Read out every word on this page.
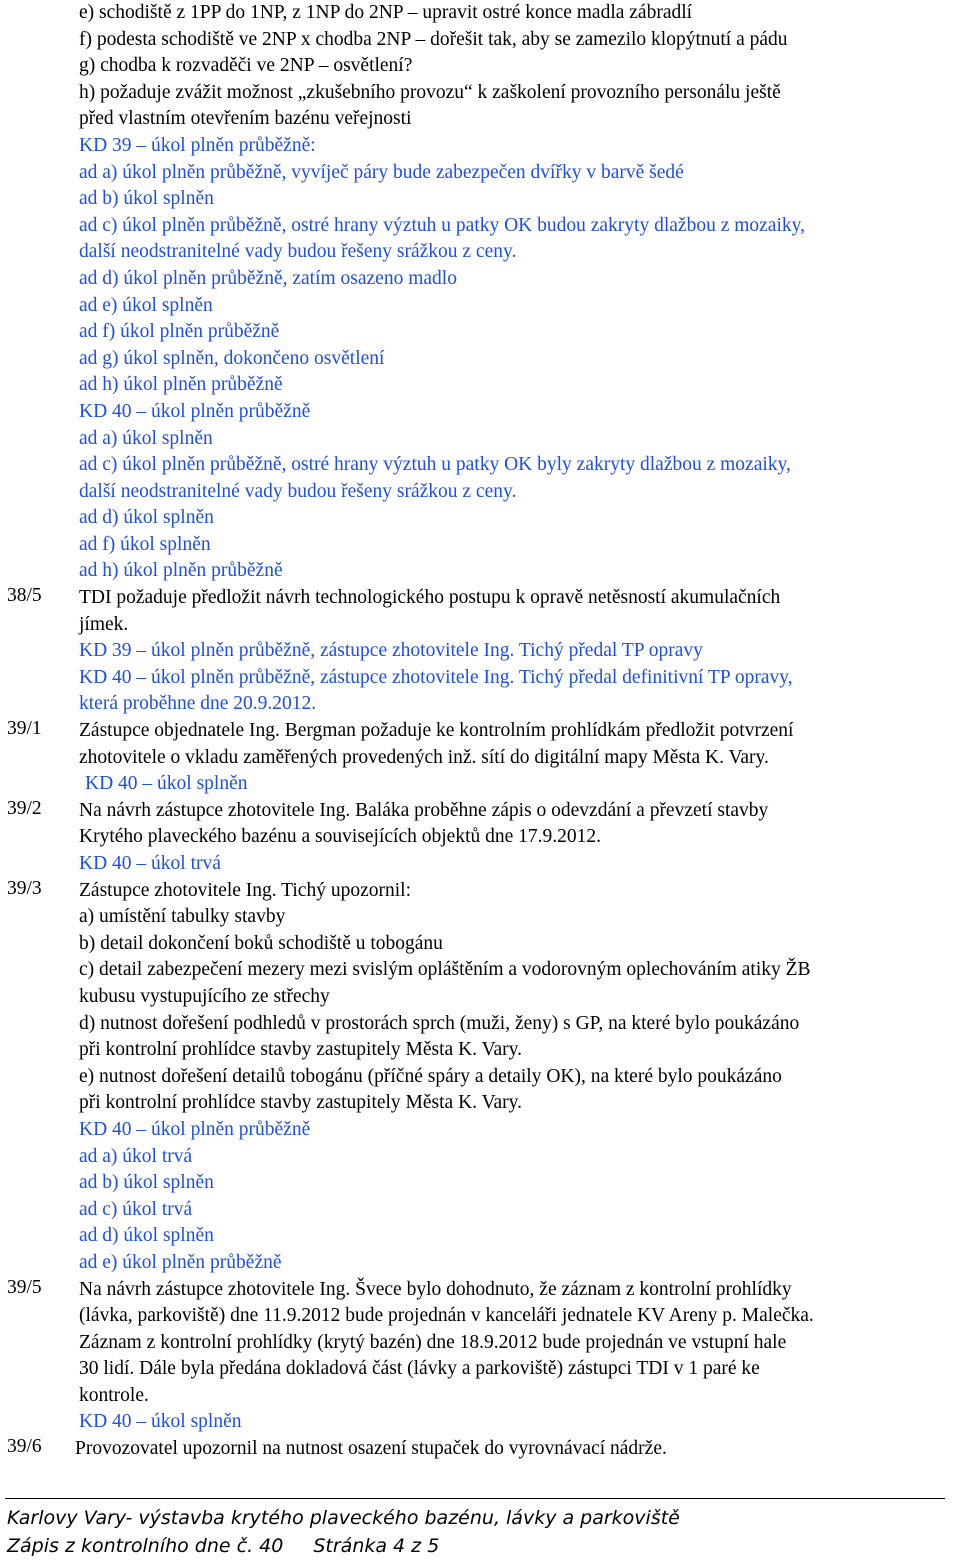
e) schodiště z 1PP do 1NP, z 1NP do 2NP – upravit ostré konce madla zábradlí
f) podesta schodiště ve 2NP x chodba 2NP – dořešit tak, aby se zamezilo klopýtnutí a pádu
g) chodba k rozvaděči ve 2NP – osvětlení?
h) požaduje zvážit možnost „zkušebního provozu“ k zaškolení provozního personálu ještě
před vlastním otevřením bazénu veřejnosti
KD 39 – úkol plněn průběžně:
ad a) úkol plněn průběžně, vyvíječ páry bude zabezpečen dvířky v barvě šedé
ad b) úkol splněn
ad c) úkol plněn průběžně, ostré hrany výztuh u patky OK budou zakryty dlažbou z mozaiky,
další neodstranitelné vady budou řešeny srážkou z ceny.
ad d) úkol plněn průběžně, zatím osazeno madlo
ad e) úkol splněn
ad f) úkol plněn průběžně
ad g) úkol splněn, dokončeno osvětlení
ad h) úkol plněn průběžně
KD 40 – úkol plněn průběžně
ad a) úkol splněn
ad c) úkol plněn průběžně, ostré hrany výztuh u patky OK byly zakryty dlažbou z mozaiky,
další neodstranitelné vady budou řešeny srážkou z ceny.
ad d) úkol splněn
ad f) úkol splněn
ad h) úkol plněn průběžně
38/5	TDI požaduje předložit návrh technologického postupu k opravě netěsností akumulačních
jímek.
KD 39 – úkol plněn průběžně, zástupce zhotovitele Ing. Tichý předal TP opravy
KD 40 – úkol plněn průběžně, zástupce zhotovitele Ing. Tichý předal definitivní TP opravy,
která proběhne dne 20.9.2012.
39/1	Zástupce objednatele Ing. Bergman požaduje ke kontrolním prohlídkám předložit potvrzení
zhotovitele o vkladu zaměřených provedených inž. sítí do digitální mapy Města K. Vary.
KD 40 – úkol splněn
39/2	Na návrh zástupce zhotovitele Ing. Baláka proběhne zápis o odevzdání a převzetí stavby
Krytého plaveckého bazénu a souvisejících objektů dne 17.9.2012.
KD 40 – úkol trvá
39/3	Zástupce zhotovitele Ing. Tichý upozornil:
a) umístění tabulky stavby
b) detail dokončení boků schodiště u tobogánu
c) detail zabezpečení mezery mezi svislým opláštěním a vodorovným oplechováním atiky ŽB
kubusu vystupujícího ze střechy
d) nutnost dořešení podhledů v prostorách sprch (muži, ženy) s GP, na které bylo poukázáno
při kontrolní prohlídce stavby zastupitely Města K. Vary.
e) nutnost dořešení detailů tobogánu (příčné spáry a detaily OK), na které bylo poukázáno
při kontrolní prohlídce stavby zastupitely Města K. Vary.
KD 40 – úkol plněn průběžně
ad a) úkol trvá
ad b) úkol splněn
ad c) úkol trvá
ad d) úkol splněn
ad e) úkol plněn průběžně
39/5	Na návrh zástupce zhotovitele Ing. Švece bylo dohodnuto, že záznam z kontrolní prohlídky
(lávka, parkoviště) dne 11.9.2012 bude projednán v kanceláři jednatele KV Areny p. Malečka.
Záznam z kontrolní prohlídky (krytý bazén) dne 18.9.2012 bude projednán ve vstupní hale
30 lidí. Dále byla předána dokladová část (lávky a parkoviště) zástupci TDI v 1 paré ke
kontrole.
KD 40 – úkol splněn
39/6	Provozovatel upozornil na nutnost osazení stupaček do vyrovnávací nádrže.
Karlovy Vary- výstavba krytého plaveckého bazénu, lávky a parkoviště
Zápis z kontrolního dne č. 40 Stránka 4 z 5
